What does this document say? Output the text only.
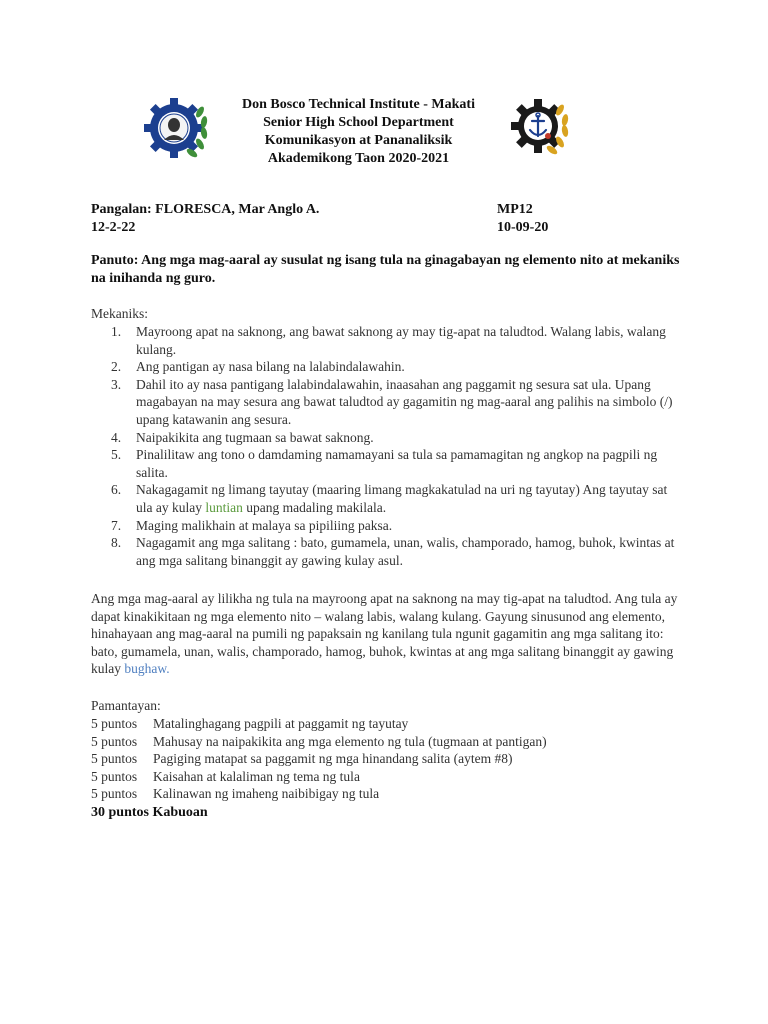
Don Bosco Technical Institute - Makati
Senior High School Department
Komunikasyon at Pananaliksik
Akademikong Taon 2020-2021
Pangalan: FLORESCA, Mar Anglo A.	MP12
12-2-22	10-09-20
Panuto: Ang mga mag-aaral ay susulat ng isang tula na ginagabayan ng elemento nito at mekaniks na inihanda ng guro.
Mekaniks:
1. Mayroong apat na saknong, ang bawat saknong ay may tig-apat na taludtod. Walang labis, walang kulang.
2. Ang pantigan ay nasa bilang na lalabindalawahin.
3. Dahil ito ay nasa pantigang lalabindalawahin, inaasahan ang paggamit ng sesura sat ula. Upang magabayan na may sesura ang bawat taludtod ay gagamitin ng mag-aaral ang palihis na simbolo (/) upang katawanin ang sesura.
4. Naipakikita ang tugmaan sa bawat saknong.
5. Pinalilitaw ang tono o damdaming namamayani sa tula sa pamamagitan ng angkop na pagpili ng salita.
6. Nakagagamit ng limang tayutay (maaring limang magkakatulad na uri ng tayutay) Ang tayutay sat ula ay kulay luntian upang madaling makilala.
7. Maging malikhain at malaya sa pipiliing paksa.
8. Nagagamit ang mga salitang : bato, gumamela, unan, walis, champorado, hamog, buhok, kwintas at ang mga salitang binanggit ay gawing kulay asul.
Ang mga mag-aaral ay lilikha ng tula na mayroong apat na saknong na may tig-apat na taludtod. Ang tula ay dapat kinakikitaan ng mga elemento nito – walang labis, walang kulang. Gayung sinusunod ang elemento, hinahayaan ang mag-aaral na pumili ng papaksain ng kanilang tula ngunit gagamitin ang mga salitang ito: bato, gumamela, unan, walis, champorado, hamog, buhok, kwintas at ang mga salitang binanggit ay gawing kulay bughaw.
Pamantayan:
5 puntos	Matalinghagang pagpili at paggamit ng tayutay
5 puntos	Mahusay na naipakikita ang mga elemento ng tula (tugmaan at pantigan)
5 puntos	Pagiging matapat sa paggamit ng mga hinandang salita (aytem #8)
5 puntos	Kaisahan at kalaliman ng tema ng tula
5 puntos	Kalinawan ng imaheng naibibigay ng tula
30 puntos Kabuoan
